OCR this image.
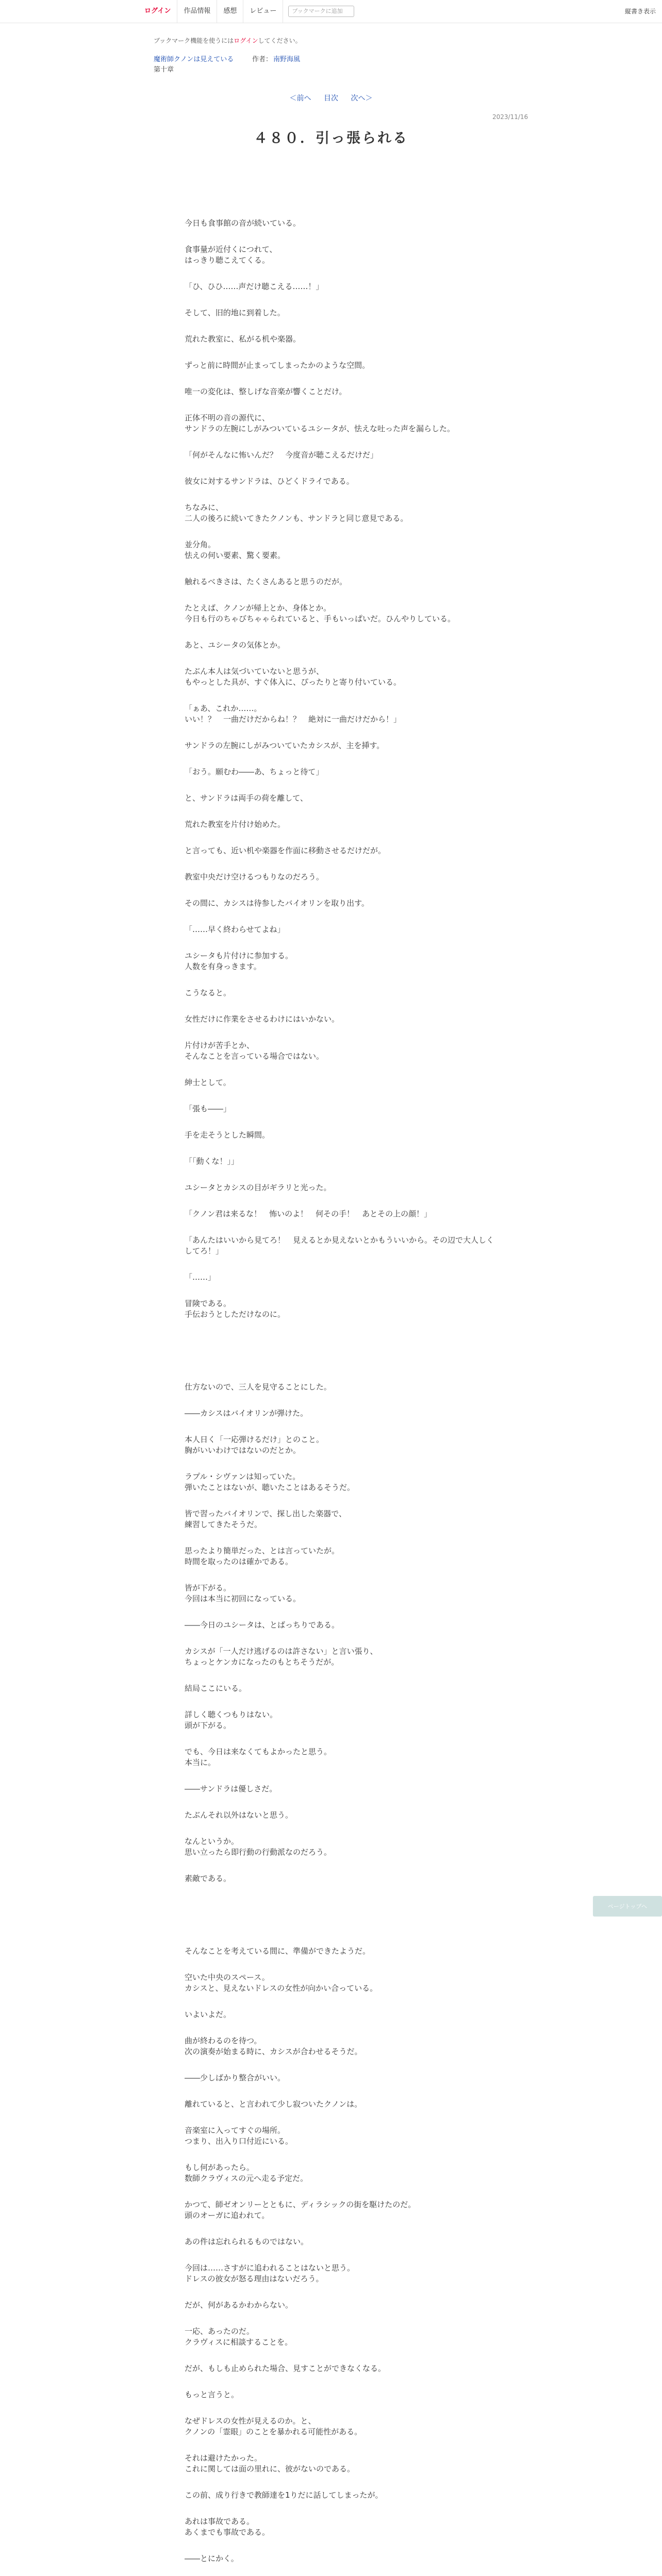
ログイン	作品情報	感想	レビュー	ブックマークに追加	縦書き表示
ブックマーク機能を使うにはログインしてください。
魔術師クノンは見えている	作者： 南野海風
第十章
＜前へ 目次 次へ＞
2023/11/16
４８０．引っ張られる

今日も食事館の音が続いている。

食事量が近付くにつれて、
はっきり聴こえてくる。

「ひ、ひひ……声だけ聴こえる……！」

そして、旧的地に到着した。

荒れた教室に、私がる机や楽器。

ずっと前に時間が止まってしまったかのような空間。

唯一の変化は、整しげな音楽が響くことだけ。

正体不明の音の源代に、
サンドラの左腕にしがみついているユシータが、怯えな吐った声を漏らした。

「何がそんなに怖いんだ？　今度音が聴こえるだけだ」

彼女に対するサンドラは、ひどくドライである。

ちなみに、
二人の後ろに続いてきたクノンも、サンドラと同じ意見である。

並分角。
怯えの何い要素、驚く要素。

触れるべきさは、たくさんあると思うのだが。

たとえば、クノンが帰上とか、身体とか。
今日も行のちゃびちゃゃられていると、手もいっぱいだ。ひんやりしている。

あと、ユシータの気体とか。

たぶん本人は気づいていないと思うが、
もやっとした具が、すぐ体入に、ぴったりと寄り付いている。

「ぁあ、これか……。
いい！？　一曲だけだからね！？　絶対に一曲だけだから！」

サンドラの左腕にしがみついていたカシスが、主を挿す。

「おう。願むわ――あ、ちょっと待て」

と、サンドラは両手の荷を離して、

荒れた教室を片付け始めた。

と言っても、近い机や楽器を作面に移動させるだけだが。

教室中央だけ空けるつもりなのだろう。

その間に、カシスは待参したバイオリンを取り出す。

「……早く終わらせてよね」

ユシータも片付けに参加する。
人数を有身っきます。

こうなると。

女性だけに作業をさせるわけにはいかない。

片付けが苦手とか、
そんなことを言っている場合ではない。

紳士として。

「張も――」

手を走そうとした瞬間。

「「動くな！」」

ユシータとカシスの目がギラリと光った。

「クノン君は来るな！　怖いのよ！　何その手！　あとその上の顔！」

「あんたはいいから見てろ！　見えるとか見えないとかもういいから。その辺で大人しくしてろ！」

「……」

冒険である。
手伝おうとしただけなのに。

仕方ないので、三人を見守ることにした。

――カシスはバイオリンが弾けた。

本人日く「一応弾けるだけ」とのこと。
胸がいいわけではないのだとか。

ラプル・シヴァンは知っていた。
弾いたことはないが、聴いたことはあるそうだ。

皆で習ったバイオリンで、探し出した楽器で、
練習してきたそうだ。

思ったより簡単だった、とは言っていたが。
時間を取ったのは確かである。

皆が下がる。
今回は本当に初回になっている。

――今日のユシータは、とばっちりである。

カシスが「一人だけ逃げるのは許さない」と言い張り、
ちょっとケンカになったのもとちそうだが。

結局ここにいる。

詳しく聴くつもりはない。
頭が下がる。

でも、今日は来なくてもよかったと思う。
本当に。

――サンドラは優しさだ。

たぶんそれ以外はないと思う。

なんというか。
思い立ったら即行動の行動派なのだろう。

素敵である。

そんなことを考えている間に、準備ができたようだ。

空いた中央のスペース。
カシスと、見えないドレスの女性が向かい合っている。

いよいよだ。

曲が終わるのを待つ。
次の演奏が始まる時に、カシスが合わせるそうだ。

――少しばかり整合がいい。

離れていると、と言われて少し寂ついたクノンは。

音楽室に入ってすぐの場所。
つまり、出入り口付近にいる。

もし何があったら。
数師クラヴィスの元へ走る予定だ。

かつて、師ゼオンリーとともに、ディラシックの街を駆けたのだ。
頭のオーガに追われて。

あの件は忘れられるものではない。

今回は……さすがに追われることはないと思う。
ドレスの彼女が怒る理由はないだろう。

だが、何があるかわからない。

一応、あったのだ。
クラヴィスに相談することを。

だが、もしも止められた場合、見すことができなくなる。

もっと言うと。

なぜドレスの女性が見えるのか。と、
クノンの「霊眼」のことを暴かれる可能性がある。

それは避けたかった。
これに関しては面の里れに、彼がないのである。

この前、成り行きで教師達を1りだに話してしまったが。

あれは事故である。
あくまでも事故である。

――とにかく。

ページトップへ
